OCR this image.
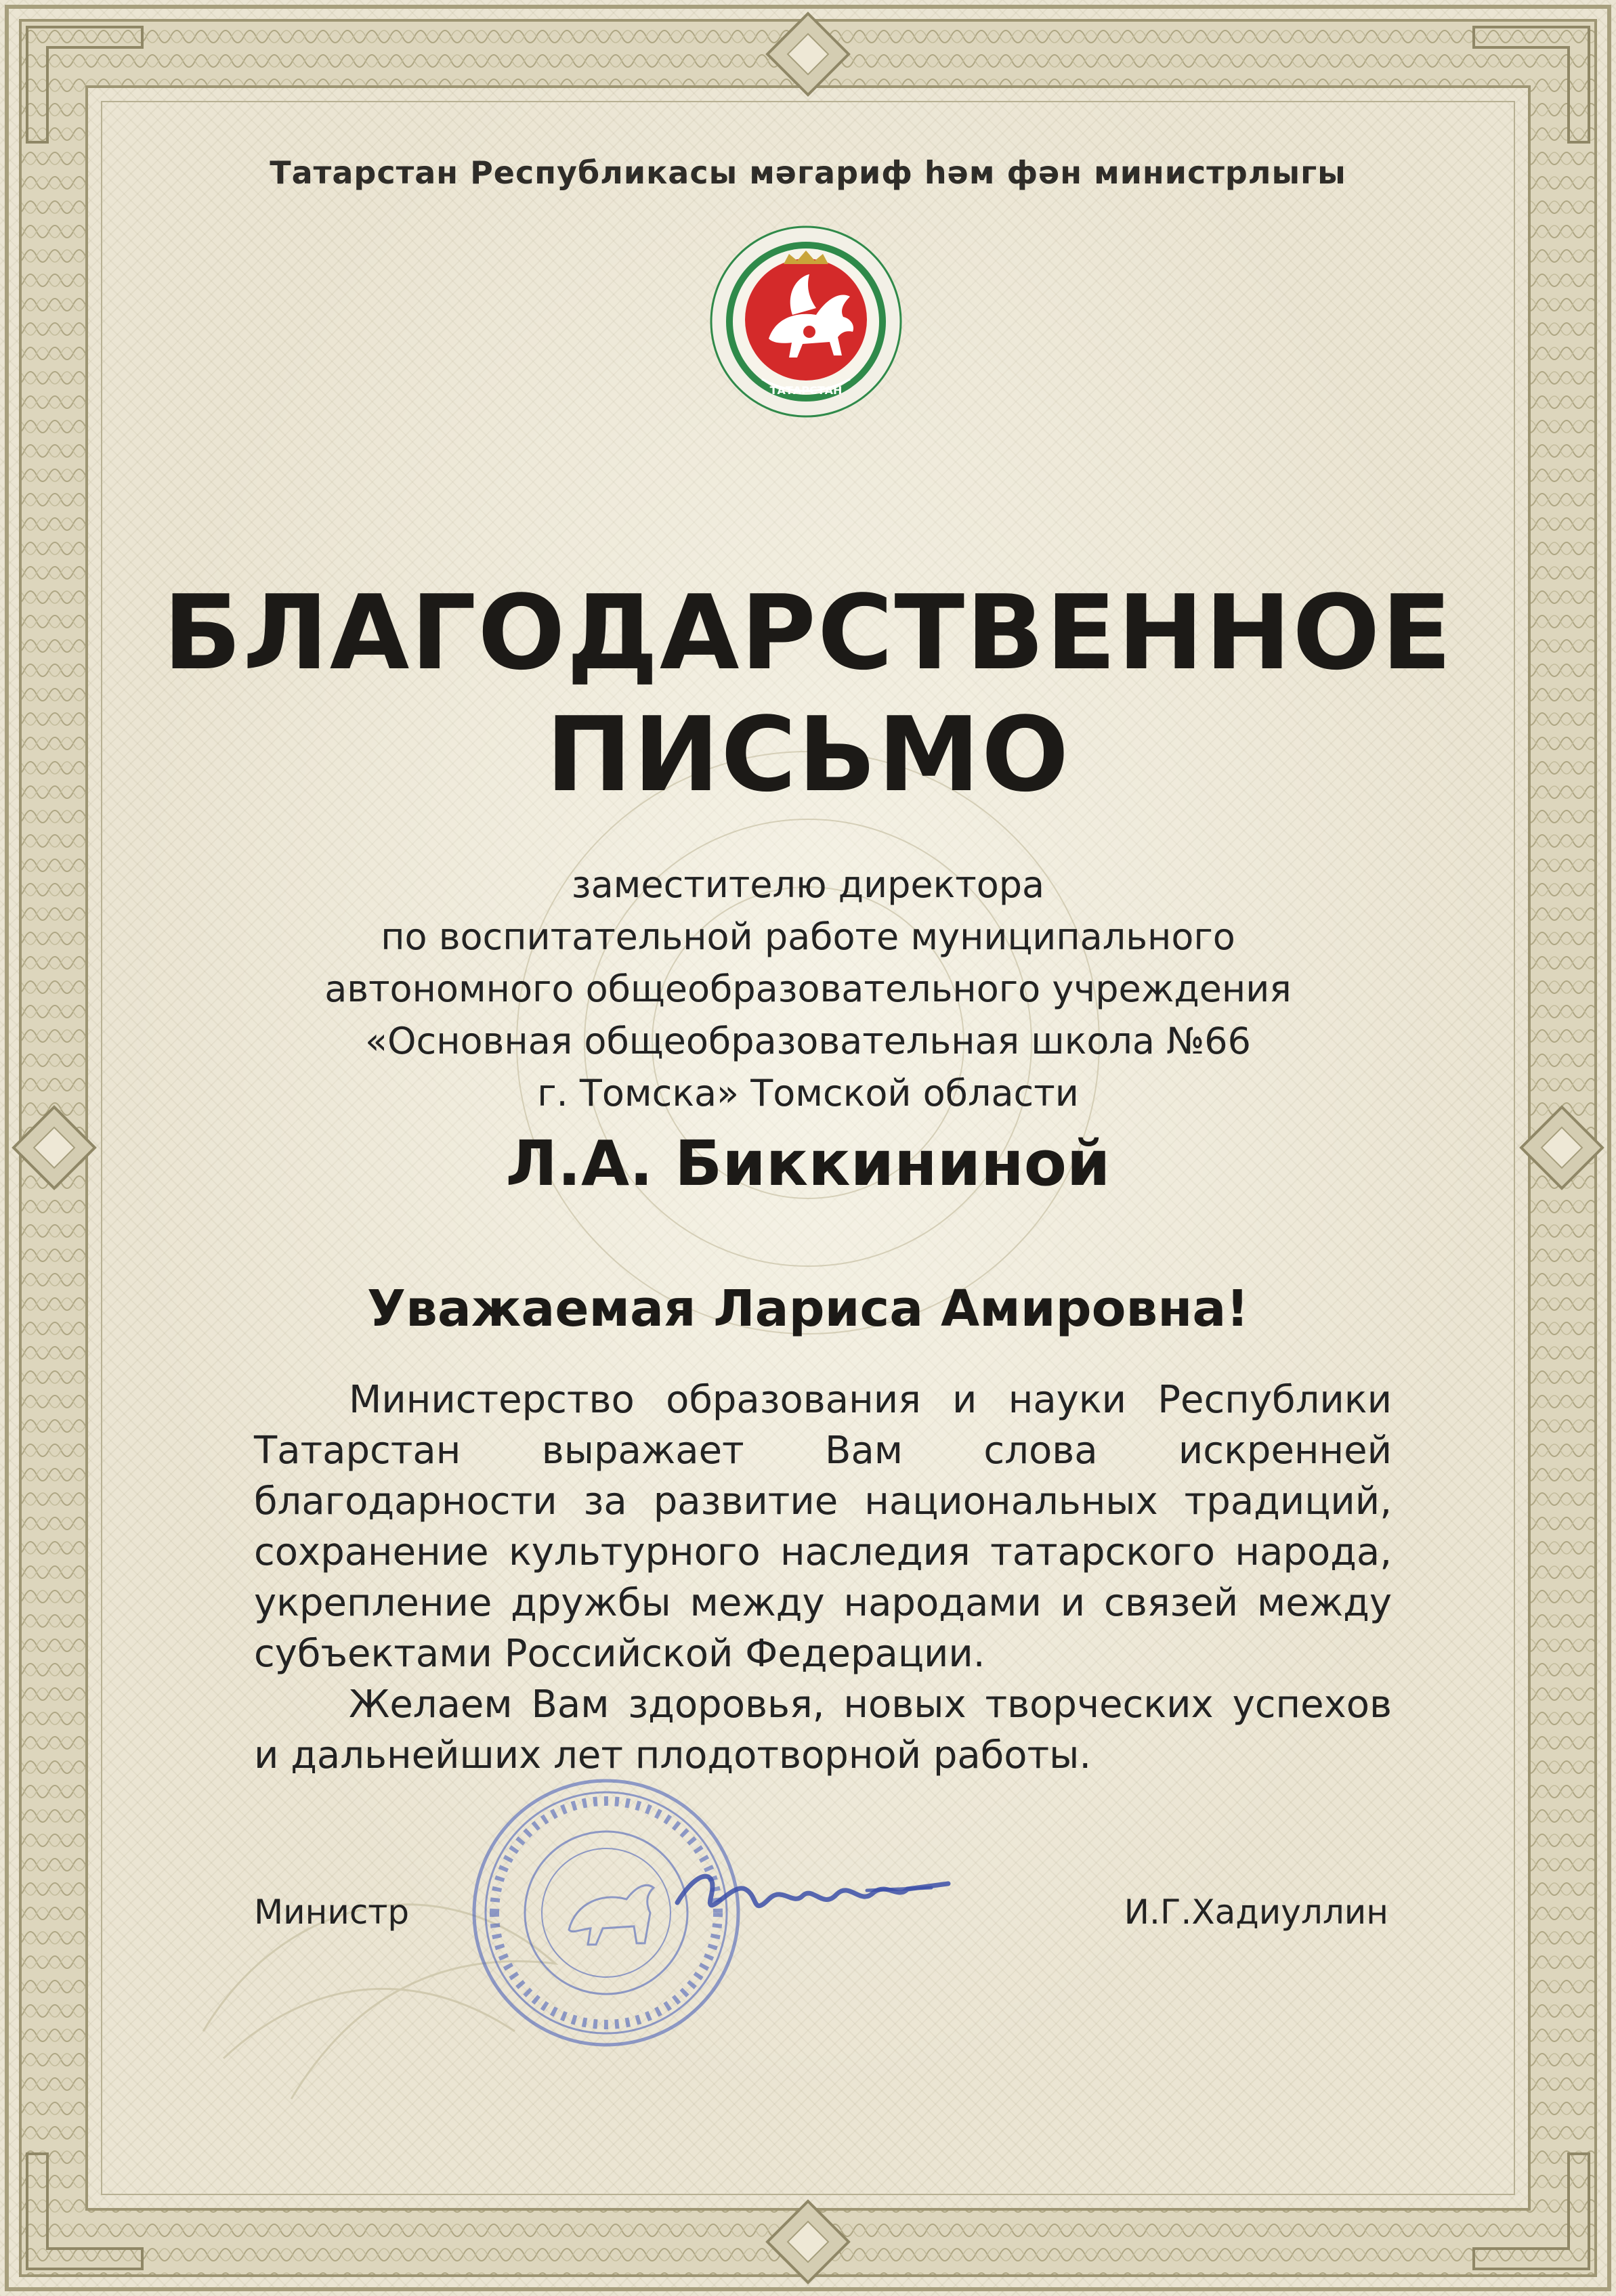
Татарстан Республикасы мәгариф һәм фән министрлыгы
ТАТАРСТАН
БЛАГОДАРСТВЕННОЕ
ПИСЬМО
заместителю директора
по воспитательной работе муниципального
автономного общеобразовательного учреждения
«Основная общеобразовательная школа №66
г. Томска» Томской области
Л.А. Биккининой
Уважаемая Лариса Амировна!

Министерство образования и науки Республики Татарстан выражает Вам слова искренней благодарности за развитие национальных традиций, сохранение культурного наследия татарского народа, укрепление дружбы между народами и связей между субъектами Российской Федерации.

Желаем Вам здоровья, новых творческих успехов и дальнейших лет плодотворной работы.

Министр	И.Г.Хадиуллин
